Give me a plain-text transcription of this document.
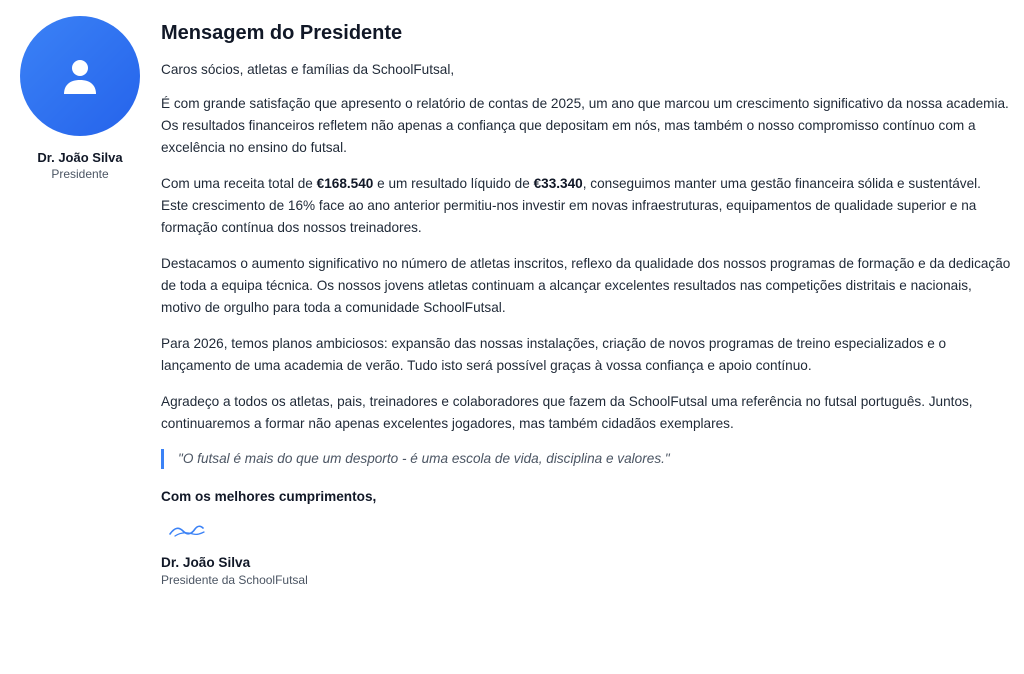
Dr. João Silva
Presidente
Mensagem do Presidente

Caros sócios, atletas e famílias da SchoolFutsal,

É com grande satisfação que apresento o relatório de contas de 2025, um ano que marcou um crescimento significativo da nossa academia. Os resultados financeiros refletem não apenas a confiança que depositam em nós, mas também o nosso compromisso contínuo com a excelência no ensino do futsal.

Com uma receita total de €168.540 e um resultado líquido de €33.340, conseguimos manter uma gestão financeira sólida e sustentável. Este crescimento de 16% face ao ano anterior permitiu-nos investir em novas infraestruturas, equipamentos de qualidade superior e na formação contínua dos nossos treinadores.

Destacamos o aumento significativo no número de atletas inscritos, reflexo da qualidade dos nossos programas de formação e da dedicação de toda a equipa técnica. Os nossos jovens atletas continuam a alcançar excelentes resultados nas competições distritais e nacionais, motivo de orgulho para toda a comunidade SchoolFutsal.

Para 2026, temos planos ambiciosos: expansão das nossas instalações, criação de novos programas de treino especializados e o lançamento de uma academia de verão. Tudo isto será possível graças à vossa confiança e apoio contínuo.

Agradeço a todos os atletas, pais, treinadores e colaboradores que fazem da SchoolFutsal uma referência no futsal português. Juntos, continuaremos a formar não apenas excelentes jogadores, mas também cidadãos exemplares.

"O futsal é mais do que um desporto - é uma escola de vida, disciplina e valores."
Com os melhores cumprimentos,
Dr. João Silva
Presidente da SchoolFutsal
